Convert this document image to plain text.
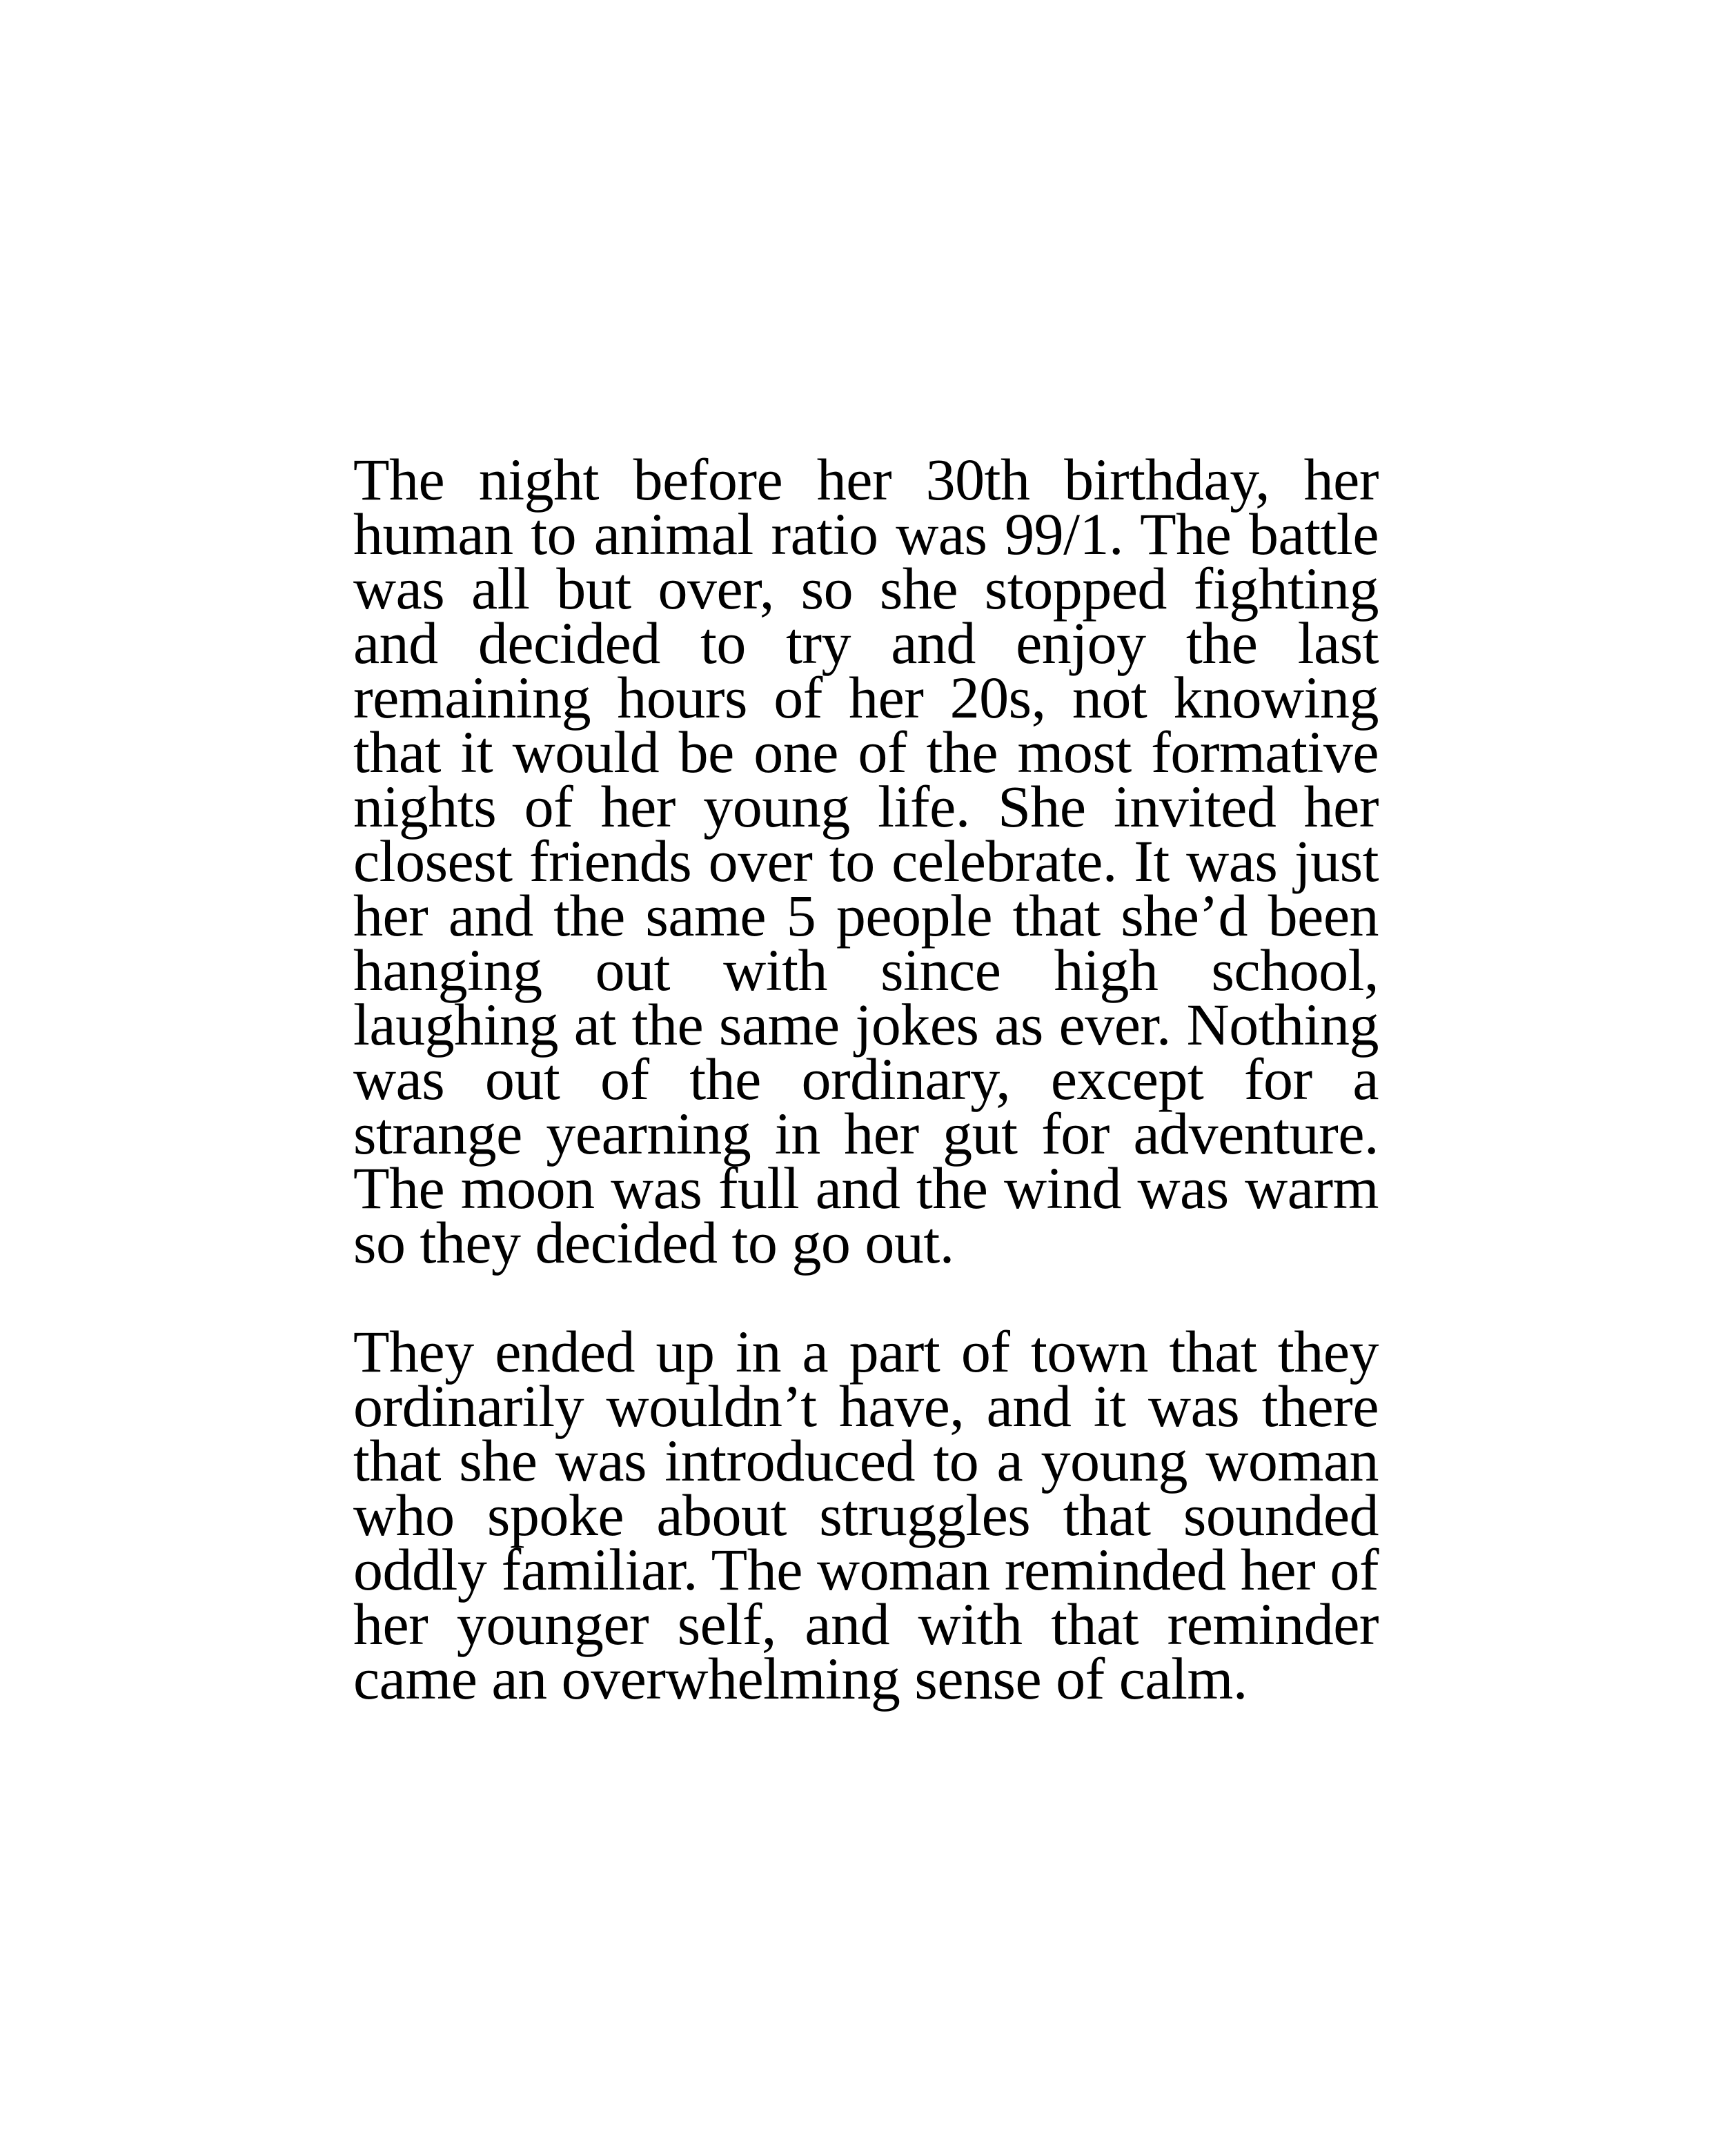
The night before her 30th birthday, her human to animal ratio was 99/1. The battle was all but over, so she stopped fighting and decided to try and enjoy the last remaining hours of her 20s, not knowing that it would be one of the most formative nights of her young life. She invited her closest friends over to celebrate. It was just her and the same 5 people that she’d been hanging out with since high school, laughing at the same jokes as ever. Nothing was out of the ordinary, except for a strange yearning in her gut for adventure. The moon was full and the wind was warm so they decided to go out.

They ended up in a part of town that they ordinarily wouldn’t have, and it was there that she was introduced to a young woman who spoke about struggles that sounded oddly familiar. The woman reminded her of her younger self, and with that reminder came an overwhelming sense of calm.
